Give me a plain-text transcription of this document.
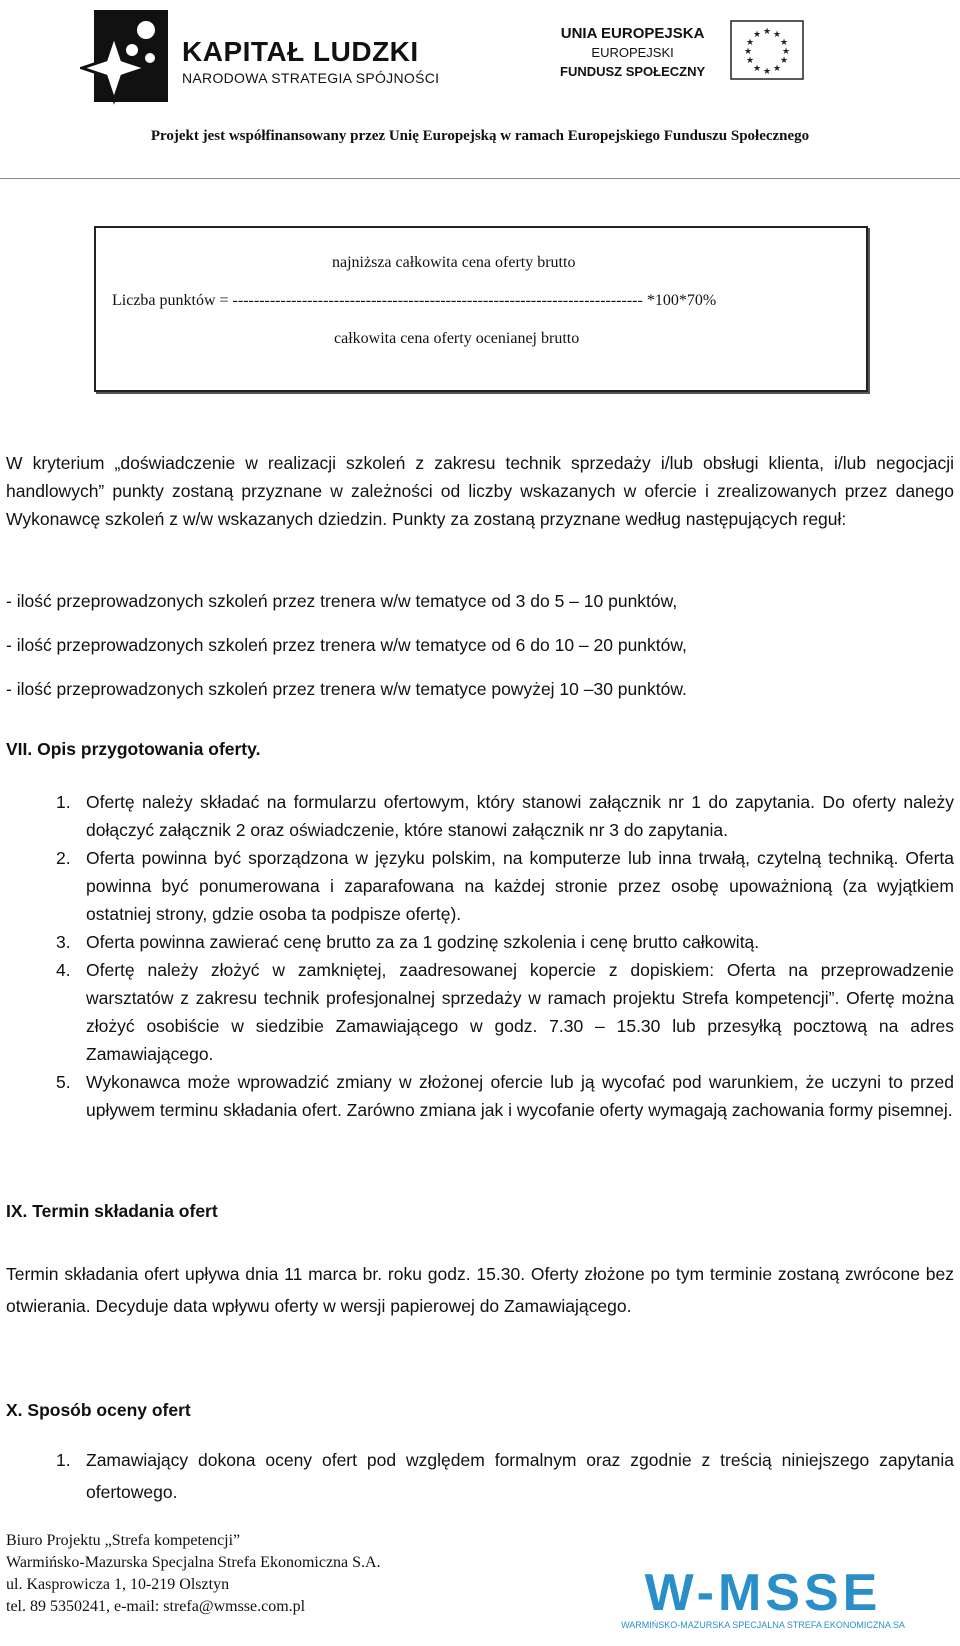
KAPITAŁ LUDZKI
NARODOWA STRATEGIA SPÓJNOŚCI
UNIA EUROPEJSKA
EUROPEJSKI
FUNDUSZ SPOŁECZNY
★ ★
★
★
★
★
★
★
★
★
★
★
Projekt jest współfinansowany przez Unię Europejską w ramach Europejskiego Funduszu Społecznego
najniższa całkowita cena oferty brutto
Liczba punktów = ----------------------------------------------------------------------------- *100*70%
całkowita cena oferty ocenianej brutto
W kryterium „doświadczenie w realizacji szkoleń z zakresu technik sprzedaży i/lub obsługi klienta, i/lub negocjacji handlowych” punkty zostaną przyznane w zależności od liczby wskazanych w ofercie i zrealizowanych przez danego Wykonawcę szkoleń z w/w wskazanych dziedzin. Punkty za zostaną przyznane według następujących reguł:
- ilość przeprowadzonych szkoleń przez trenera w/w tematyce od 3 do 5 – 10 punktów,
- ilość przeprowadzonych szkoleń przez trenera w/w tematyce od 6 do 10 – 20 punktów,
- ilość przeprowadzonych szkoleń przez trenera w/w tematyce powyżej 10 –30 punktów.
VII. Opis przygotowania oferty.
1. Ofertę należy składać na formularzu ofertowym, który stanowi załącznik nr 1 do zapytania. Do oferty należy dołączyć załącznik 2 oraz oświadczenie, które stanowi załącznik nr 3 do zapytania.
2. Oferta powinna być sporządzona w języku polskim, na komputerze lub inna trwałą, czytelną techniką. Oferta powinna być ponumerowana i zaparafowana na każdej stronie przez osobę upoważnioną (za wyjątkiem ostatniej strony, gdzie osoba ta podpisze ofertę).
3. Oferta powinna zawierać cenę brutto za za 1 godzinę szkolenia i cenę brutto całkowitą.
4. Ofertę należy złożyć w zamkniętej, zaadresowanej kopercie z dopiskiem: Oferta na przeprowadzenie warsztatów z zakresu technik profesjonalnej sprzedaży w ramach projektu Strefa kompetencji”. Ofertę można złożyć osobiście w siedzibie Zamawiającego w godz. 7.30 – 15.30 lub przesyłką pocztową na adres Zamawiającego.
5. Wykonawca może wprowadzić zmiany w złożonej ofercie lub ją wycofać pod warunkiem, że uczyni to przed upływem terminu składania ofert. Zarówno zmiana jak i wycofanie oferty wymagają zachowania formy pisemnej.
IX. Termin składania ofert
Termin składania ofert upływa dnia 11 marca br. roku godz. 15.30. Oferty złożone po tym terminie zostaną zwrócone bez otwierania. Decyduje data wpływu oferty w wersji papierowej do Zamawiającego.
X. Sposób oceny ofert
1. Zamawiający dokona oceny ofert pod względem formalnym oraz zgodnie z treścią niniejszego zapytania ofertowego.
Biuro Projektu „Strefa kompetencji”
Warmińsko-Mazurska Specjalna Strefa Ekonomiczna S.A.
ul. Kasprowicza 1, 10-219 Olsztyn
tel. 89 5350241, e-mail: strefa@wmsse.com.pl	W-MSSE
WARMIŃSKO-MAZURSKA SPECJALNA STREFA EKONOMICZNA SA
